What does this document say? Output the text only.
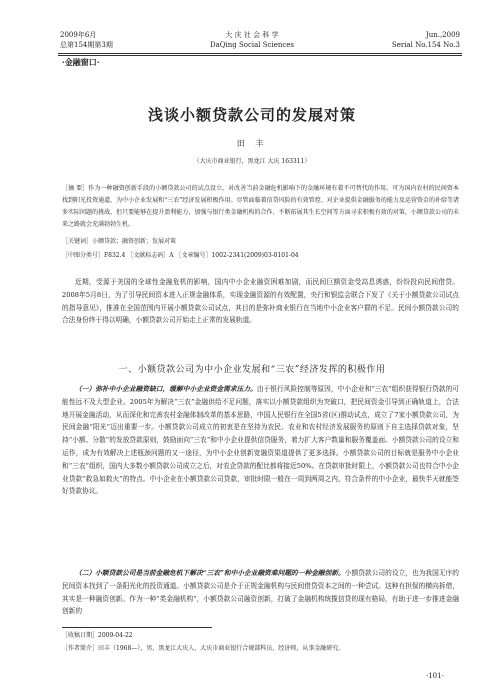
2009年6月
总第154期第3期
大 庆 社 会 科 学
DaQing Social Sciences
Jun.,2009
Serial No.154 No.3
·金融窗口·
浅谈小额贷款公司的发展对策
田 丰
（大庆市商业银行，黑龙江 大庆 163311）
［摘 要］作为一种融资创新手段的小额贷款公司的试点设立，对改善当前金融危机影响下的金融环境有着不可替代的作用。可为国内农村的民间资本找到阳光投资通道，为中小企业发展和“三农”经济发展积极作用。尽管面临着信贷风险的有效管控、对企业提供金融服务的能力及运营资金的补给等诸多实际问题的挑战，但只要能够在提升盈利能力、加强与银行类金融机构的合作、不断拓展其生长空间等方面寻求积极有效的对策，小额贷款公司的未来之路就会充满勃勃生机。
［关键词］小额贷款；融资创新；发展对策
［中图分类号］F832.4 ［文献标志码］A ［文章编号］1002-2341(2009)03-0101-04
近期，受源于美国的全球性金融危机的影响，国内中小企业融资困难加剧，而民间巨额资金受高息诱惑，纷纷投向民间借贷。2008年5月8日，为了引导民间资本进入正规金融体系，实现金融资源的有效配置，央行和银监会联合下发了《关于小额贷款公司试点的指导意见》，推准在全国范围内开展小额贷款公司试点，其目的是弥补商业银行在当地中小企业客户群的不足。民间小额贷款公司的合法身份终于得以明确，小额贷款公司开始走上正常的发展轨道。
一、小额贷款公司为中小企业发展和“三农”经济发挥的积极作用
（一）弥补中小企业融资缺口，缓解中小企业资金需求压力。由于银行风险控制等原因，中小企业和“三农”组织获得银行贷款的可能性远不及大型企业。2005年为解决“三农”金融供给不足问题，落实以小额贷款组织为突破口，把民间资金引导到正确轨道上，合法地开展金融活动，从而深化和完善农村金融体制改革的基本思路，中国人民银行在全国5省(区)推动试点，成立了7家小额贷款公司，为民间金融“阳光”迈出重要一步。小额贷款公司成立的初衷是在坚持为农民、农业和农村经济发展服务的原则下自主选择贷款对象，坚持“小额、分散”的发放贷款原则，鼓励面向“三农”和中小企业提供信贷服务，着力扩大客户数量和服务覆盖面。小额贷款公司的设立和运作，成为有效解决上述瓶颈问题的又一途径，为中小企业创新宽融资渠道提供了更多选择。小额贷款公司的目标就是服务中小企业和“三农”组织，国内大多数小额贷款公司成立之后，对农企贷款的配比都将接近50%。在贷款审批时限上，小额贷款公司也符合中小企业贷款“救急如救火”的特点。中小企业在小额贷款公司贷款，审批时限一般在一周到两周之内，符合条件的中小企业，最快半天就能签好贷款协议。
（二）小额贷款公司是当前金融危机下解决“三农”和中小企业融资难问题的一种金融创新。小额贷款公司的设立，也为我国无序的民间资本找到了一条阳光化的投资通道。小额贷款公司是介于正规金融机构与民间借贷资本之间的一种尝试。这种有担保的横向拆借，其实是一种融资创新。作为一种“类金融机构”，小额贷款公司融资创新，打破了金融机构统揽信贷的现有格局，有助于进一步推进金融创新的
［收稿日期］2009-04-22
［作者简介］田丰（1968—），男，黑龙江大庆人，大庆市商业银行合规部科员，经济师，从事金融研究。
·101·
